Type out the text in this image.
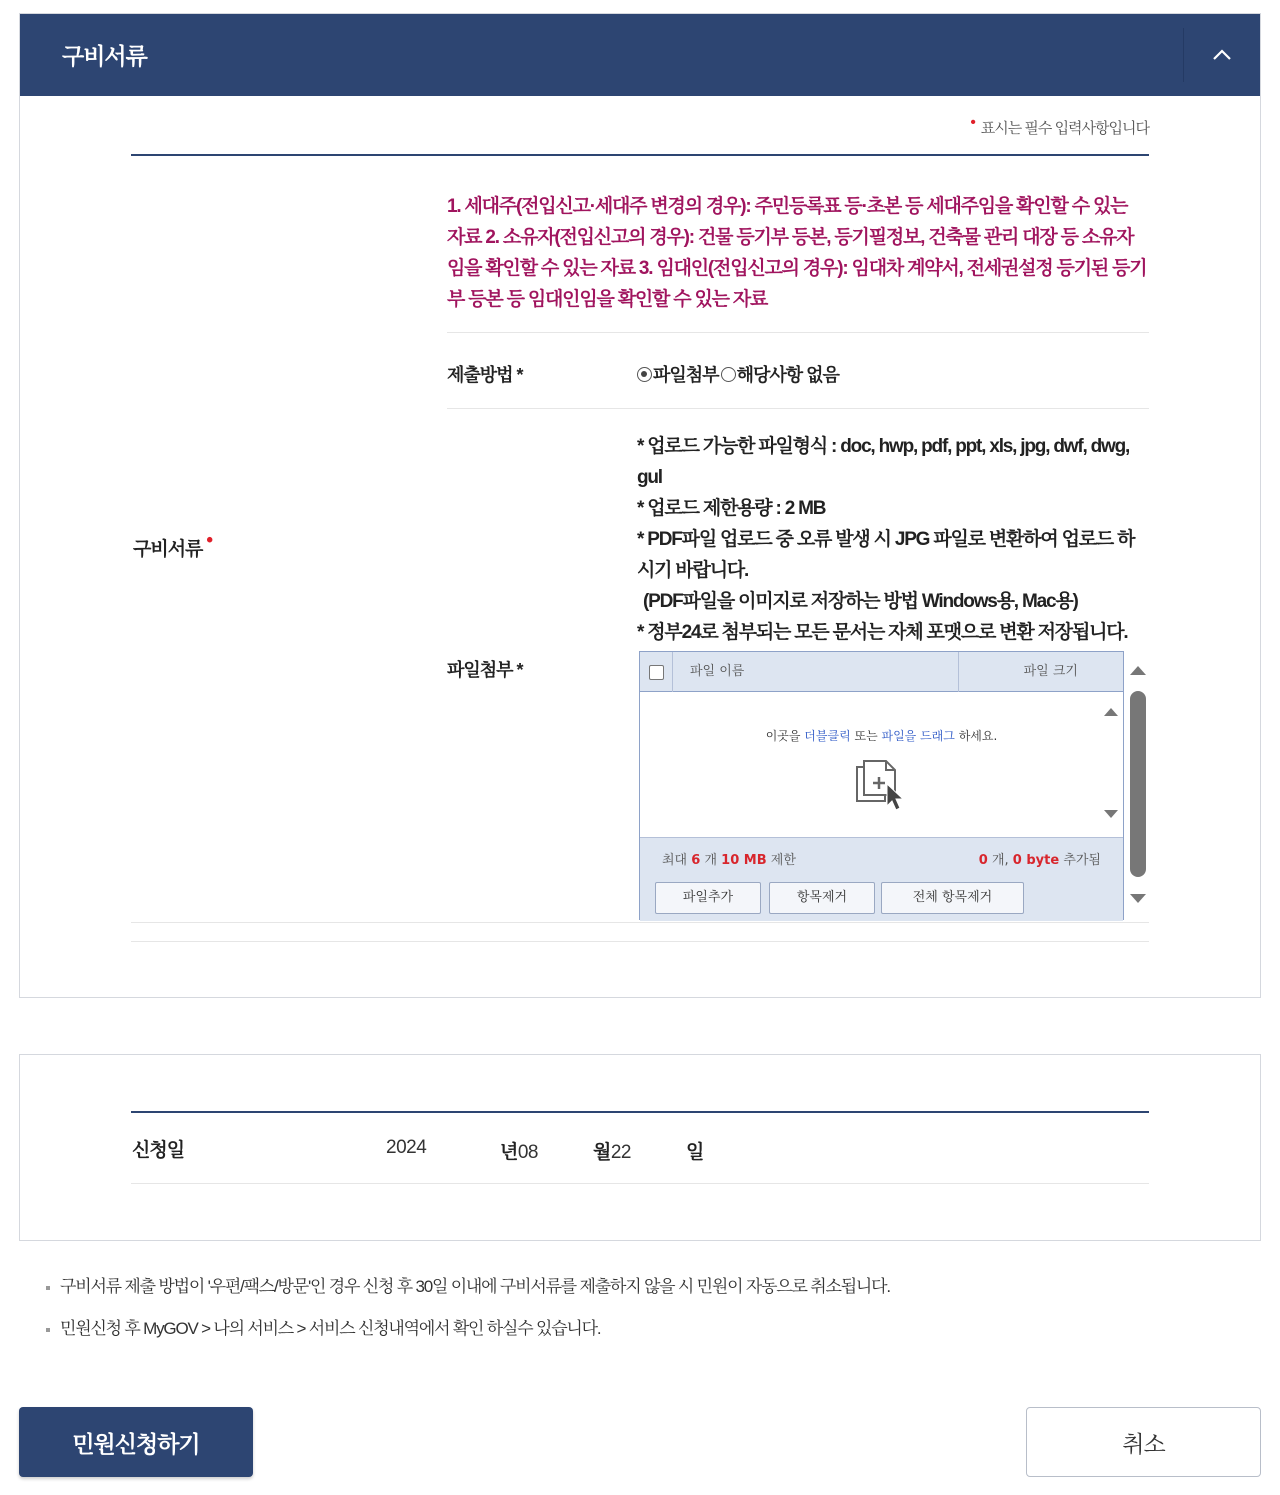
구비서류
• 표시는 필수 입력사항입니다
구비서류 •
1. 세대주(전입신고·세대주 변경의 경우): 주민등록표 등·초본 등 세대주임을 확인할 수 있는 자료 2. 소유자(전입신고의 경우): 건물 등기부 등본, 등기필정보, 건축물 관리 대장 등 소유자임을 확인할 수 있는 자료 3. 임대인(전입신고의 경우): 임대차 계약서, 전세권설정 등기된 등기부 등본 등 임대인임을 확인할 수 있는 자료
제출방법 *	파일첨부 해당사항 없음
파일첨부 *
* 업로드 가능한 파일형식 : doc, hwp, pdf, ppt, xls, jpg, dwf, dwg, gul
* 업로드 제한용량 : 2 MB
* PDF파일 업로드 중 오류 발생 시 JPG 파일로 변환하여 업로드 하시기 바랍니다.

(PDF파일을 이미지로 저장하는 방법 Windows용, Mac용)
* 정부24로 첨부되는 모든 문서는 자체 포맷으로 변환 저장됩니다.
파일 이름	파일 크기
이곳을 더블클릭 또는 파일을 드래그 하세요.
최대 6 개 10 MB 제한	0 개, 0 byte 추가됨
파일추가	항목제거	전체 항목제거
신청일	2024	년08	월22	일
구비서류 제출 방법이 '우편/팩스/방문'인 경우 신청 후 30일 이내에 구비서류를 제출하지 않을 시 민원이 자동으로 취소됩니다.
민원신청 후 MyGOV > 나의 서비스 > 서비스 신청내역에서 확인 하실수 있습니다.
민원신청하기	취소
